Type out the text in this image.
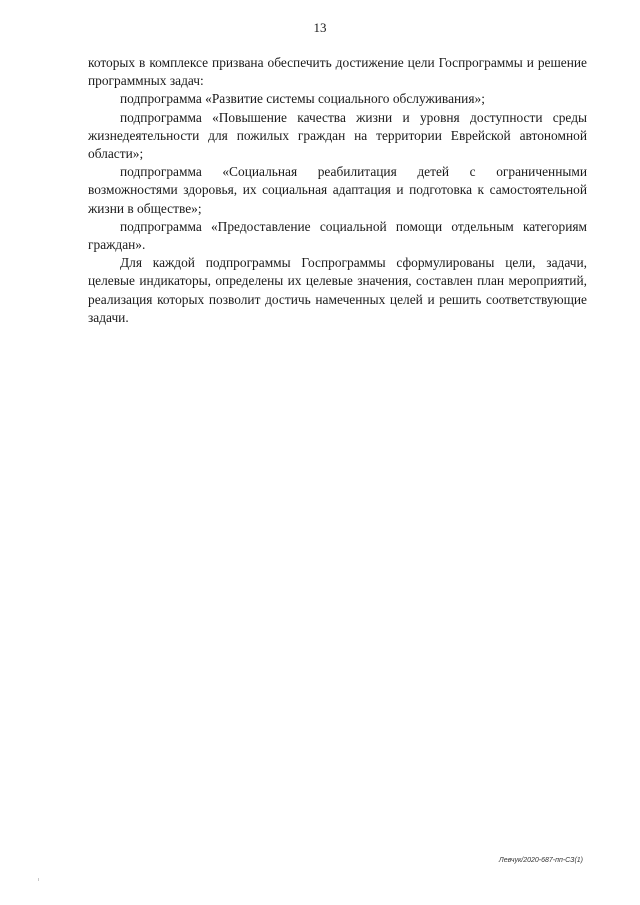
13

которых в комплексе призвана обеспечить достижение цели Госпрограммы и решение программных задач:

подпрограмма «Развитие системы социального обслуживания»;

подпрограмма «Повышение качества жизни и уровня доступности среды жизнедеятельности для пожилых граждан на территории Еврейской автономной области»;

подпрограмма «Социальная реабилитация детей с ограниченными возможностями здоровья, их социальная адаптация и подготовка к самостоятельной жизни в обществе»;

подпрограмма «Предоставление социальной помощи отдельным категориям граждан».

Для каждой подпрограммы Госпрограммы сформулированы цели, задачи, целевые индикаторы, определены их целевые значения, составлен план мероприятий, реализация которых позволит достичь намеченных целей и решить соответствующие задачи.

Левчук/2020-687-пп-СЗ(1)
